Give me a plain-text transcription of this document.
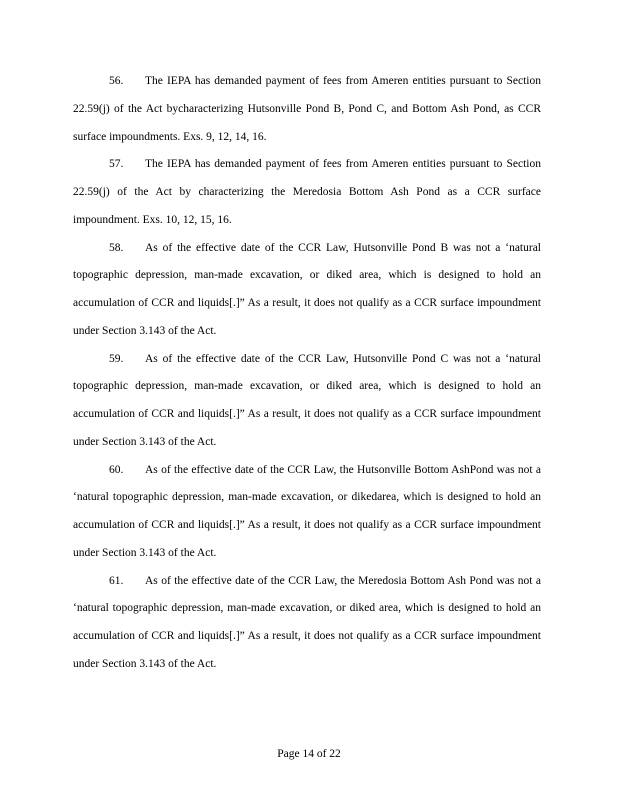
56. The IEPA has demanded payment of fees from Ameren entities pursuant to Section 22.59(j) of the Act bycharacterizing Hutsonville Pond B, Pond C, and Bottom Ash Pond, as CCR surface impoundments. Exs. 9, 12, 14, 16.

57. The IEPA has demanded payment of fees from Ameren entities pursuant to Section 22.59(j) of the Act by characterizing the Meredosia Bottom Ash Pond as a CCR surface impoundment. Exs. 10, 12, 15, 16.

58. As of the effective date of the CCR Law, Hutsonville Pond B was not a ‘natural topographic depression, man-made excavation, or diked area, which is designed to hold an accumulation of CCR and liquids[.]” As a result, it does not qualify as a CCR surface impoundment under Section 3.143 of the Act.

59. As of the effective date of the CCR Law, Hutsonville Pond C was not a ‘natural topographic depression, man-made excavation, or diked area, which is designed to hold an accumulation of CCR and liquids[.]” As a result, it does not qualify as a CCR surface impoundment under Section 3.143 of the Act.

60. As of the effective date of the CCR Law, the Hutsonville Bottom AshPond was not a ‘natural topographic depression, man-made excavation, or dikedarea, which is designed to hold an accumulation of CCR and liquids[.]” As a result, it does not qualify as a CCR surface impoundment under Section 3.143 of the Act.

61. As of the effective date of the CCR Law, the Meredosia Bottom Ash Pond was not a ‘natural topographic depression, man-made excavation, or diked area, which is designed to hold an accumulation of CCR and liquids[.]” As a result, it does not qualify as a CCR surface impoundment under Section 3.143 of the Act.

Page 14 of 22
